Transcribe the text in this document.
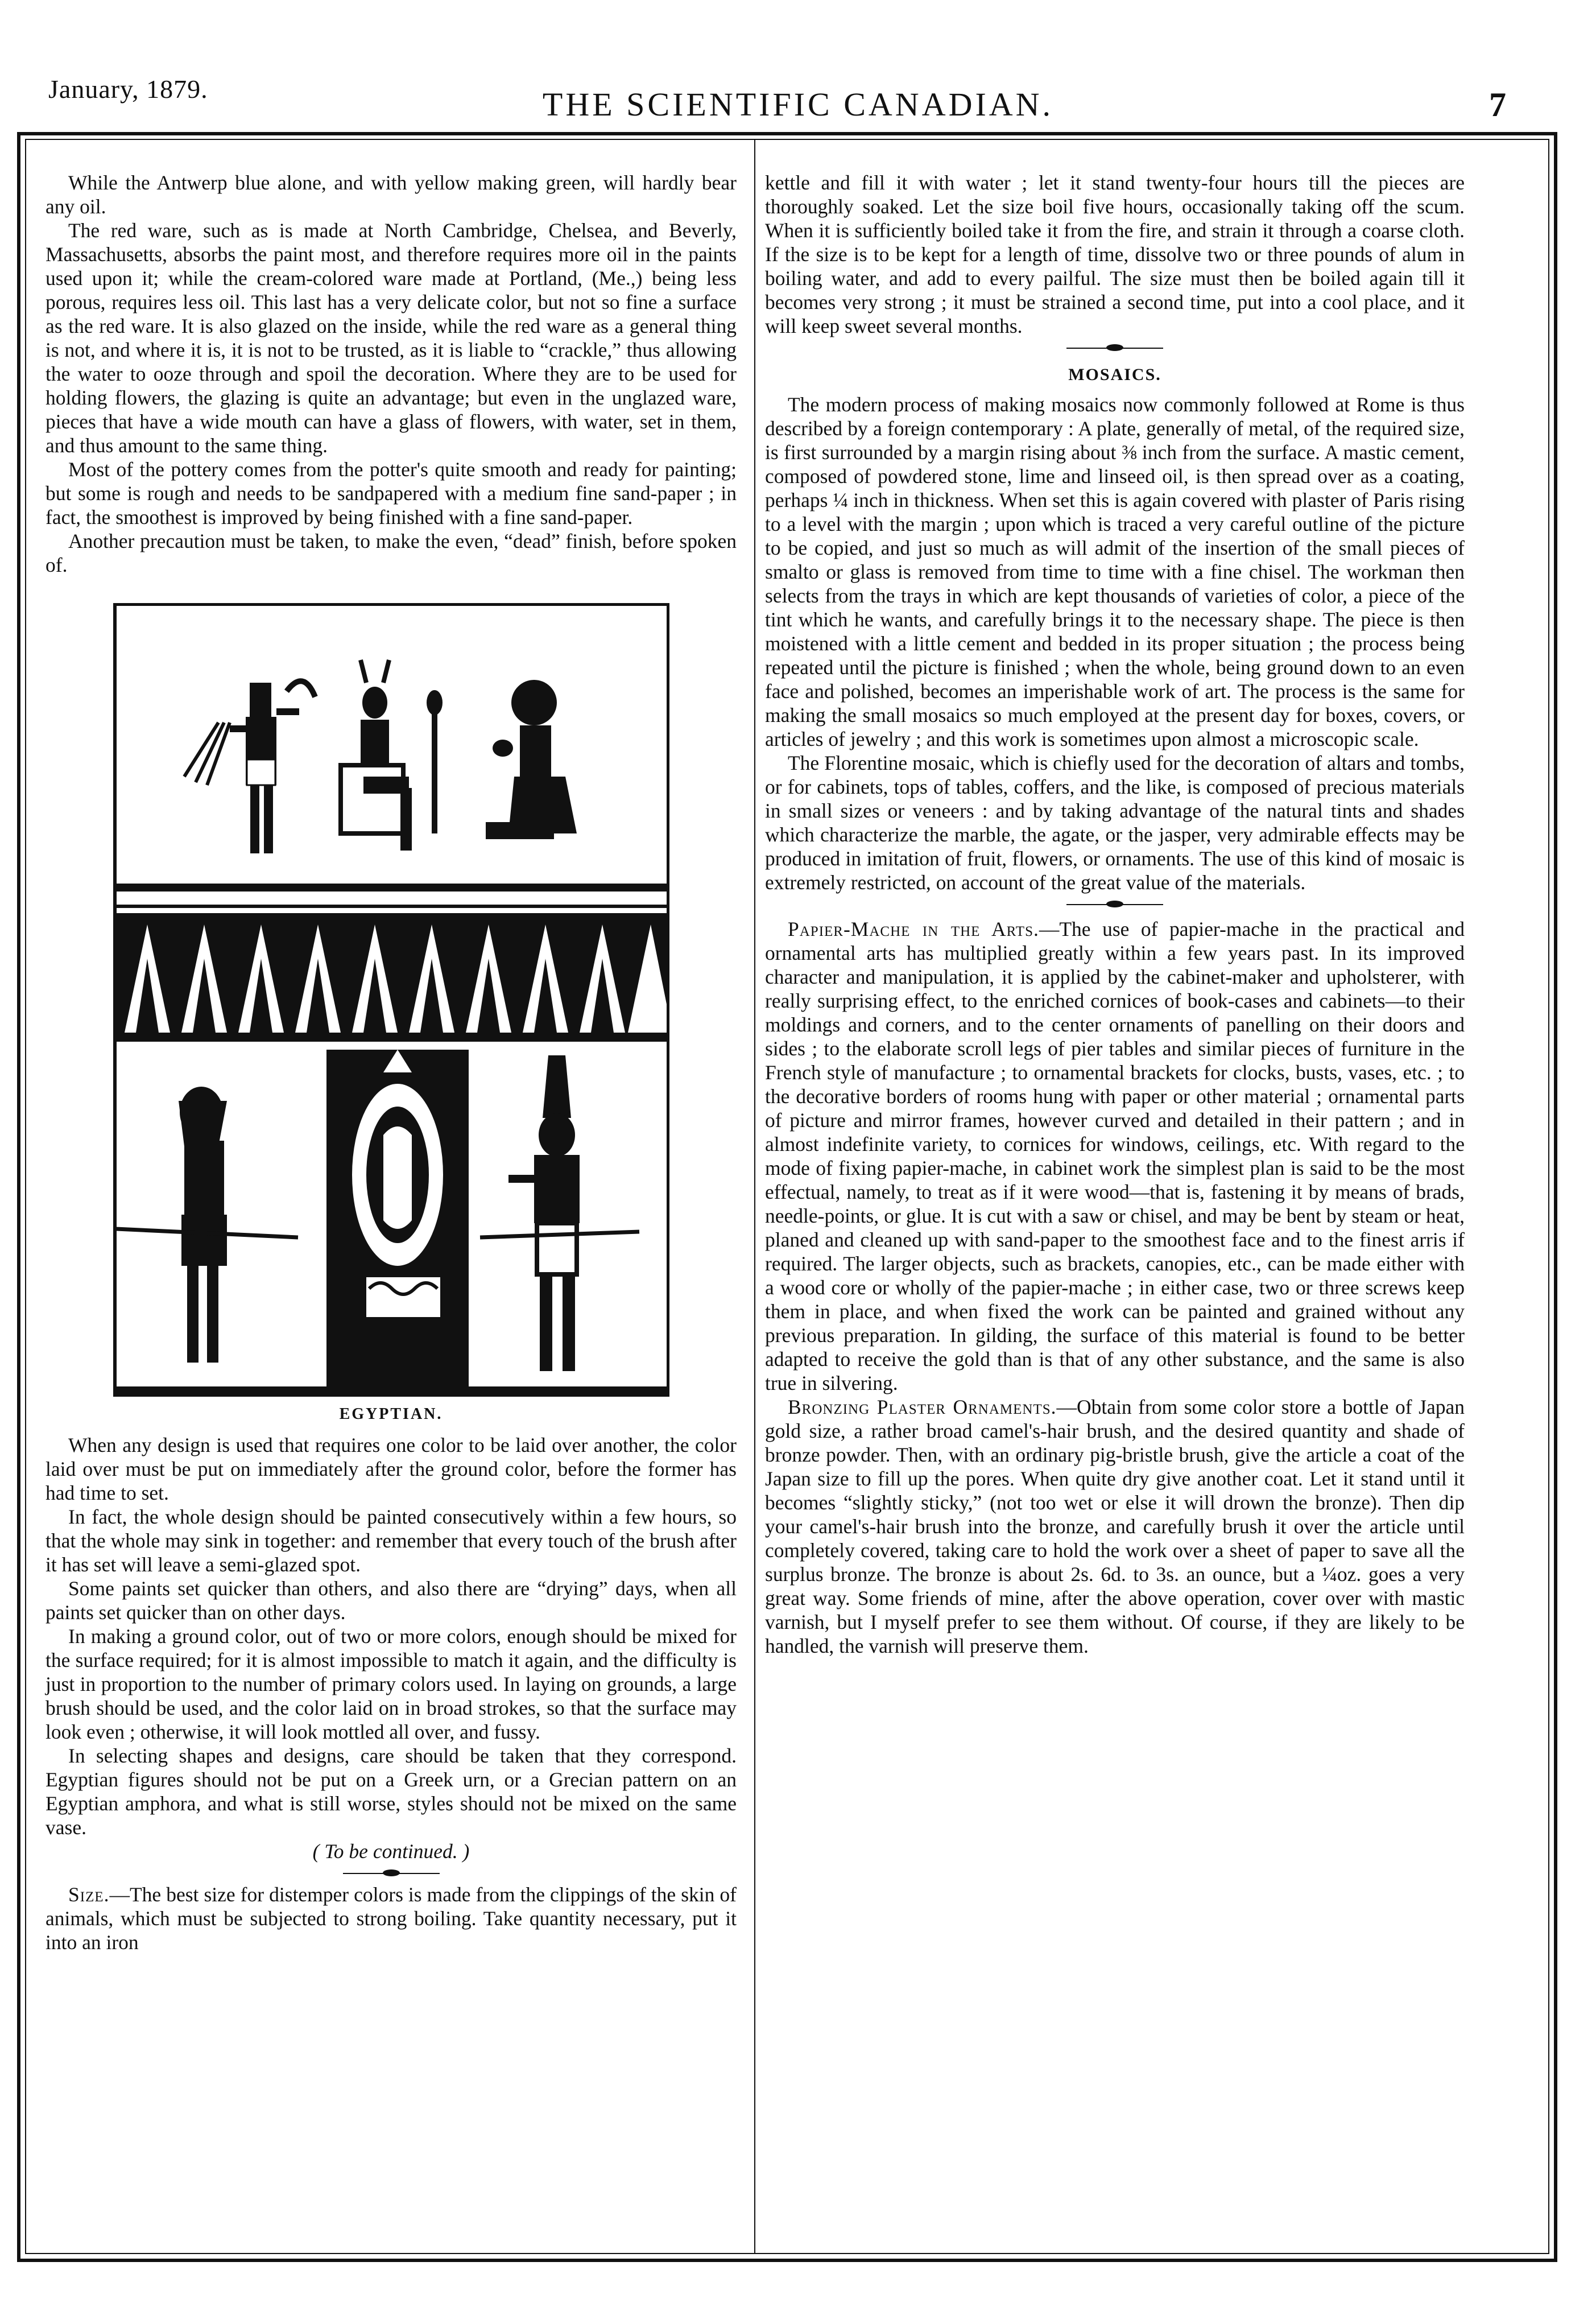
January, 1879.	THE SCIENTIFIC CANADIAN.	7

While the Antwerp blue alone, and with yellow making green, will hardly bear any oil.

The red ware, such as is made at North Cambridge, Chelsea, and Beverly, Massachusetts, absorbs the paint most, and therefore requires more oil in the paints used upon it; while the cream-colored ware made at Portland, (Me.,) being less porous, requires less oil. This last has a very delicate color, but not so fine a surface as the red ware. It is also glazed on the inside, while the red ware as a general thing is not, and where it is, it is not to be trusted, as it is liable to “crackle,” thus allowing the water to ooze through and spoil the decoration. Where they are to be used for holding flowers, the glazing is quite an advantage; but even in the unglazed ware, pieces that have a wide mouth can have a glass of flowers, with water, set in them, and thus amount to the same thing.

Most of the pottery comes from the potter's quite smooth and ready for painting; but some is rough and needs to be sandpapered with a medium fine sand-paper ; in fact, the smoothest is improved by being finished with a fine sand-paper.

Another precaution must be taken, to make the even, “dead” finish, before spoken of.

EGYPTIAN.

When any design is used that requires one color to be laid over another, the color laid over must be put on immediately after the ground color, before the former has had time to set.

In fact, the whole design should be painted consecutively within a few hours, so that the whole may sink in together: and remember that every touch of the brush after it has set will leave a semi-glazed spot.

Some paints set quicker than others, and also there are “drying” days, when all paints set quicker than on other days.

In making a ground color, out of two or more colors, enough should be mixed for the surface required; for it is almost impossible to match it again, and the difficulty is just in proportion to the number of primary colors used. In laying on grounds, a large brush should be used, and the color laid on in broad strokes, so that the surface may look even ; otherwise, it will look mottled all over, and fussy.

In selecting shapes and designs, care should be taken that they correspond. Egyptian figures should not be put on a Greek urn, or a Grecian pattern on an Egyptian amphora, and what is still worse, styles should not be mixed on the same vase.

( To be continued. )

Size.—The best size for distemper colors is made from the clippings of the skin of animals, which must be subjected to strong boiling. Take quantity necessary, put it into an iron

kettle and fill it with water ; let it stand twenty-four hours till the pieces are thoroughly soaked. Let the size boil five hours, occasionally taking off the scum. When it is sufficiently boiled take it from the fire, and strain it through a coarse cloth. If the size is to be kept for a length of time, dissolve two or three pounds of alum in boiling water, and add to every pailful. The size must then be boiled again till it becomes very strong ; it must be strained a second time, put into a cool place, and it will keep sweet several months.

MOSAICS.

The modern process of making mosaics now commonly followed at Rome is thus described by a foreign contemporary : A plate, generally of metal, of the required size, is first surrounded by a margin rising about ⅜ inch from the surface. A mastic cement, composed of powdered stone, lime and linseed oil, is then spread over as a coating, perhaps ¼ inch in thickness. When set this is again covered with plaster of Paris rising to a level with the margin ; upon which is traced a very careful outline of the picture to be copied, and just so much as will admit of the insertion of the small pieces of smalto or glass is removed from time to time with a fine chisel. The workman then selects from the trays in which are kept thousands of varieties of color, a piece of the tint which he wants, and carefully brings it to the necessary shape. The piece is then moistened with a little cement and bedded in its proper situation ; the process being repeated until the picture is finished ; when the whole, being ground down to an even face and polished, becomes an imperishable work of art. The process is the same for making the small mosaics so much employed at the present day for boxes, covers, or articles of jewelry ; and this work is sometimes upon almost a microscopic scale.

The Florentine mosaic, which is chiefly used for the decoration of altars and tombs, or for cabinets, tops of tables, coffers, and the like, is composed of precious materials in small sizes or veneers : and by taking advantage of the natural tints and shades which characterize the marble, the agate, or the jasper, very admirable effects may be produced in imitation of fruit, flowers, or ornaments. The use of this kind of mosaic is extremely restricted, on account of the great value of the materials.

Papier-Mache in the Arts.—The use of papier-mache in the practical and ornamental arts has multiplied greatly within a few years past. In its improved character and manipulation, it is applied by the cabinet-maker and upholsterer, with really surprising effect, to the enriched cornices of book-cases and cabinets—to their moldings and corners, and to the center ornaments of panelling on their doors and sides ; to the elaborate scroll legs of pier tables and similar pieces of furniture in the French style of manufacture ; to ornamental brackets for clocks, busts, vases, etc. ; to the decorative borders of rooms hung with paper or other material ; ornamental parts of picture and mirror frames, however curved and detailed in their pattern ; and in almost indefinite variety, to cornices for windows, ceilings, etc. With regard to the mode of fixing papier-mache, in cabinet work the simplest plan is said to be the most effectual, namely, to treat as if it were wood—that is, fastening it by means of brads, needle-points, or glue. It is cut with a saw or chisel, and may be bent by steam or heat, planed and cleaned up with sand-paper to the smoothest face and to the finest arris if required. The larger objects, such as brackets, canopies, etc., can be made either with a wood core or wholly of the papier-mache ; in either case, two or three screws keep them in place, and when fixed the work can be painted and grained without any previous preparation. In gilding, the surface of this material is found to be better adapted to receive the gold than is that of any other substance, and the same is also true in silvering.

Bronzing Plaster Ornaments.—Obtain from some color store a bottle of Japan gold size, a rather broad camel's-hair brush, and the desired quantity and shade of bronze powder. Then, with an ordinary pig-bristle brush, give the article a coat of the Japan size to fill up the pores. When quite dry give another coat. Let it stand until it becomes “slightly sticky,” (not too wet or else it will drown the bronze). Then dip your camel's-hair brush into the bronze, and carefully brush it over the article until completely covered, taking care to hold the work over a sheet of paper to save all the surplus bronze. The bronze is about 2s. 6d. to 3s. an ounce, but a ¼oz. goes a very great way. Some friends of mine, after the above operation, cover over with mastic varnish, but I myself prefer to see them without. Of course, if they are likely to be handled, the varnish will preserve them.
